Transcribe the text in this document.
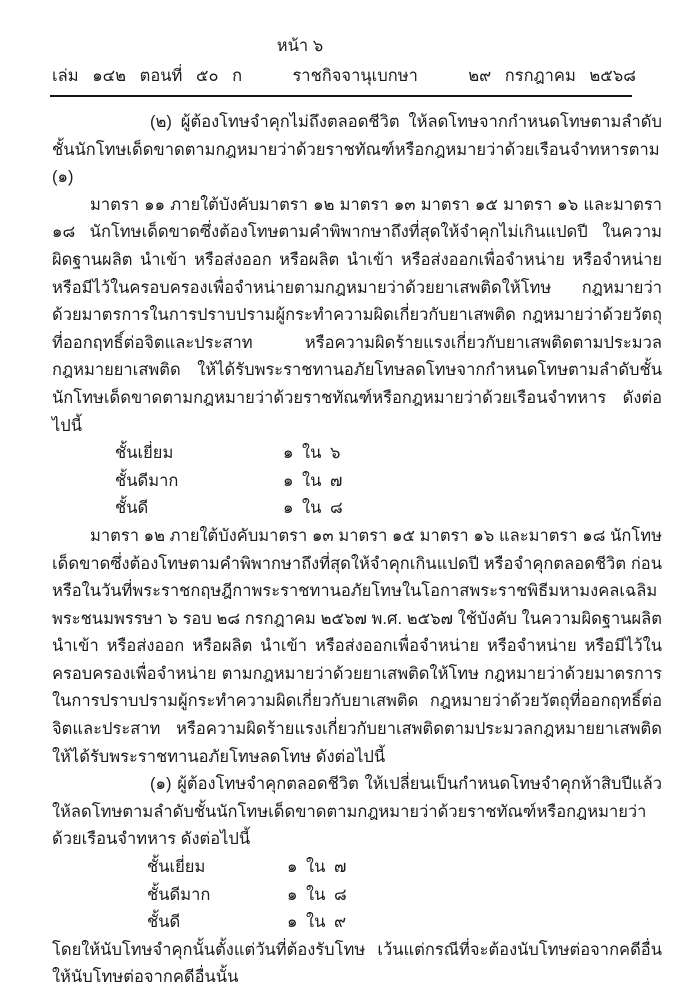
หน้า ๖
เล่ม ๑๔๒ ตอนที่ ๕๐ ก	ราชกิจจานุเบกษา	๒๙ กรกฎาคม ๒๕๖๘
(๒) ผู้ต้องโทษจำคุกไม่ถึงตลอดชีวิต ให้ลดโทษจากกำหนดโทษตามลำดับชั้นนักโทษเด็ดขาดตามกฎหมายว่าด้วยราชทัณฑ์หรือกฎหมายว่าด้วยเรือนจำทหารตาม (๑)
มาตรา ๑๑ ภายใต้บังคับมาตรา ๑๒ มาตรา ๑๓ มาตรา ๑๕ มาตรา ๑๖ และมาตรา ๑๘ นักโทษเด็ดขาดซึ่งต้องโทษตามคำพิพากษาถึงที่สุดให้จำคุกไม่เกินแปดปี ในความผิดฐานผลิต นำเข้า หรือส่งออก หรือผลิต นำเข้า หรือส่งออกเพื่อจำหน่าย หรือจำหน่าย หรือมีไว้ในครอบครองเพื่อจำหน่ายตามกฎหมายว่าด้วยยาเสพติดให้โทษ กฎหมายว่าด้วยมาตรการในการปราบปรามผู้กระทำความผิดเกี่ยวกับยาเสพติด กฎหมายว่าด้วยวัตถุที่ออกฤทธิ์ต่อจิตและประสาท หรือความผิดร้ายแรงเกี่ยวกับยาเสพติดตามประมวลกฎหมายยาเสพติด ให้ได้รับพระราชทานอภัยโทษลดโทษจากกำหนดโทษตามลำดับชั้นนักโทษเด็ดขาดตามกฎหมายว่าด้วยราชทัณฑ์หรือกฎหมายว่าด้วยเรือนจำทหาร ดังต่อไปนี้
ชั้นเยี่ยม	๑ ใน ๖
ชั้นดีมาก	๑ ใน ๗
ชั้นดี	๑ ใน ๘
มาตรา ๑๒ ภายใต้บังคับมาตรา ๑๓ มาตรา ๑๕ มาตรา ๑๖ และมาตรา ๑๘ นักโทษเด็ดขาดซึ่งต้องโทษตามคำพิพากษาถึงที่สุดให้จำคุกเกินแปดปี หรือจำคุกตลอดชีวิต ก่อนหรือในวันที่พระราชกฤษฎีกาพระราชทานอภัยโทษในโอกาสพระราชพิธีมหามงคลเฉลิมพระชนมพรรษา ๖ รอบ ๒๘ กรกฎาคม ๒๕๖๗ พ.ศ. ๒๕๖๗ ใช้บังคับ ในความผิดฐานผลิต นำเข้า หรือส่งออก หรือผลิต นำเข้า หรือส่งออกเพื่อจำหน่าย หรือจำหน่าย หรือมีไว้ในครอบครองเพื่อจำหน่าย ตามกฎหมายว่าด้วยยาเสพติดให้โทษ กฎหมายว่าด้วยมาตรการในการปราบปรามผู้กระทำความผิดเกี่ยวกับยาเสพติด กฎหมายว่าด้วยวัตถุที่ออกฤทธิ์ต่อจิตและประสาท หรือความผิดร้ายแรงเกี่ยวกับยาเสพติดตามประมวลกฎหมายยาเสพติด ให้ได้รับพระราชทานอภัยโทษลดโทษ ดังต่อไปนี้
(๑) ผู้ต้องโทษจำคุกตลอดชีวิต ให้เปลี่ยนเป็นกำหนดโทษจำคุกห้าสิบปีแล้วให้ลดโทษตามลำดับชั้นนักโทษเด็ดขาดตามกฎหมายว่าด้วยราชทัณฑ์หรือกฎหมายว่าด้วยเรือนจำทหาร ดังต่อไปนี้
ชั้นเยี่ยม	๑ ใน ๗
ชั้นดีมาก	๑ ใน ๘
ชั้นดี	๑ ใน ๙
โดยให้นับโทษจำคุกนั้นตั้งแต่วันที่ต้องรับโทษ เว้นแต่กรณีที่จะต้องนับโทษต่อจากคดีอื่น ให้นับโทษต่อจากคดีอื่นนั้น
